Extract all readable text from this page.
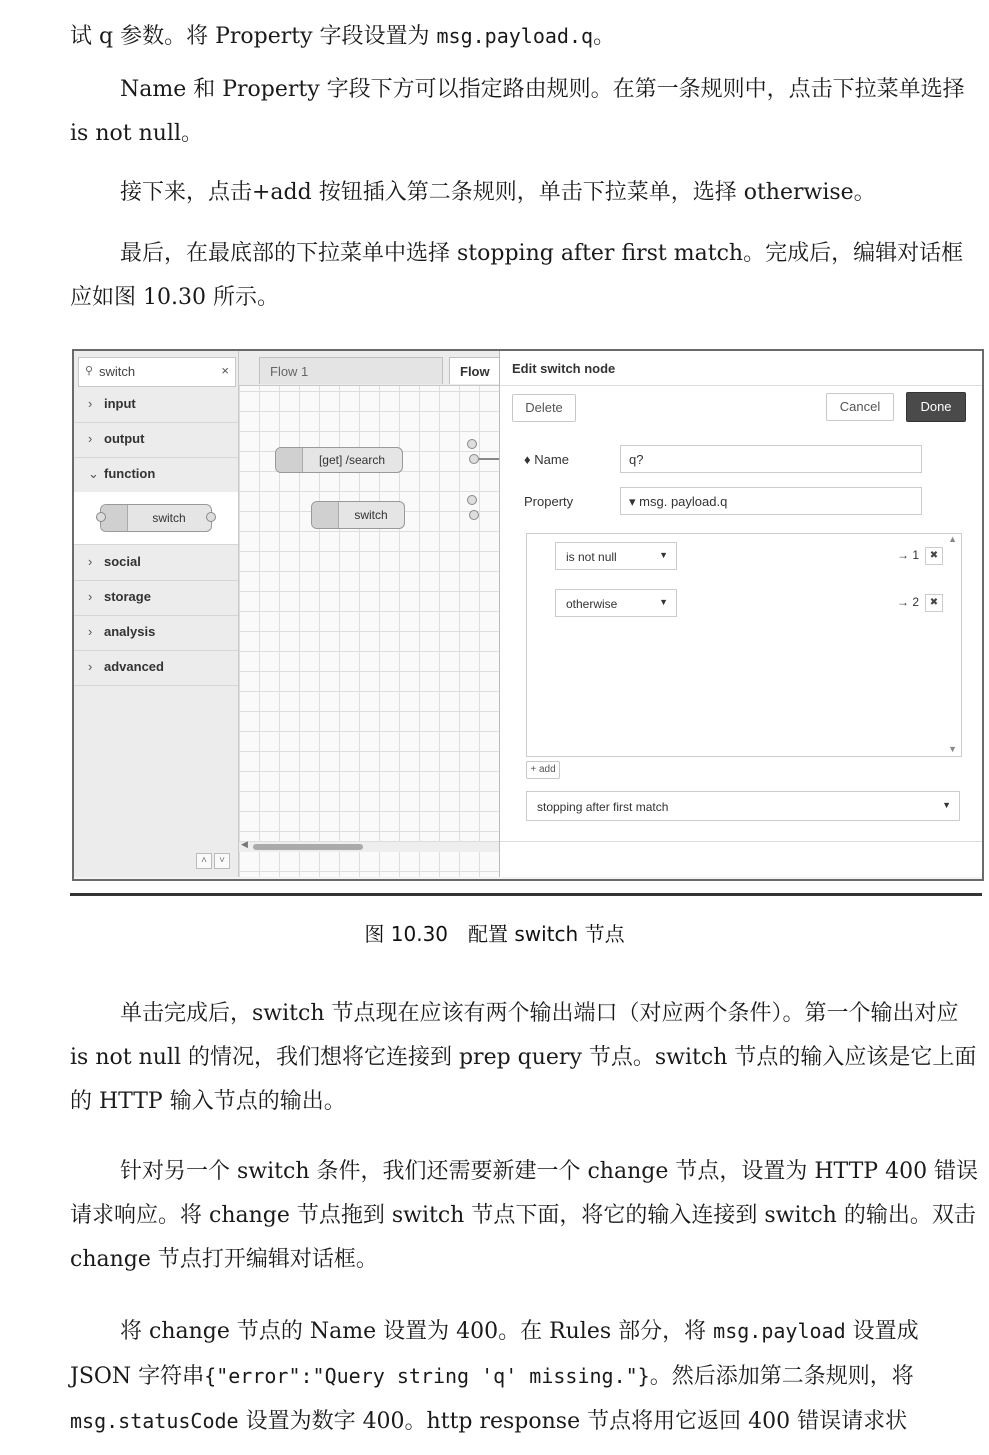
试 q 参数。将 Property 字段设置为 msg.payload.q。

Name 和 Property 字段下方可以指定路由规则。在第一条规则中，点击下拉菜单选择 is not null。

接下来，点击+add 按钮插入第二条规则，单击下拉菜单，选择 otherwise。

最后，在最底部的下拉菜单中选择 stopping after first match。完成后，编辑对话框应如图 10.30 所示。

⚲ switch	×
› input
› output
⌄ function
switch
› social
› storage
› analysis
› advanced
˄ ˅
Flow 1	Flow
[get] /search
switch
◀
Edit switch node
Delete	Cancel	Done
♦ Name	q?
Property	▾ msg. payload.q
▲
is not null	▼	→ 1	✖
otherwise	▼	→ 2	✖
▼
+ add
stopping after first match	▼
图 10.30　配置 switch 节点

单击完成后，switch 节点现在应该有两个输出端口（对应两个条件）。第一个输出对应 is not null 的情况，我们想将它连接到 prep query 节点。switch 节点的输入应该是它上面的 HTTP 输入节点的输出。

针对另一个 switch 条件，我们还需要新建一个 change 节点，设置为 HTTP 400 错误请求响应。将 change 节点拖到 switch 节点下面，将它的输入连接到 switch 的输出。双击 change 节点打开编辑对话框。

将 change 节点的 Name 设置为 400。在 Rules 部分，将 msg.payload 设置成 JSON 字符串{"error":"Query string 'q' missing."}。然后添加第二条规则，将 msg.statusCode 设置为数字 400。http response 节点将用它返回 400 错误请求状
